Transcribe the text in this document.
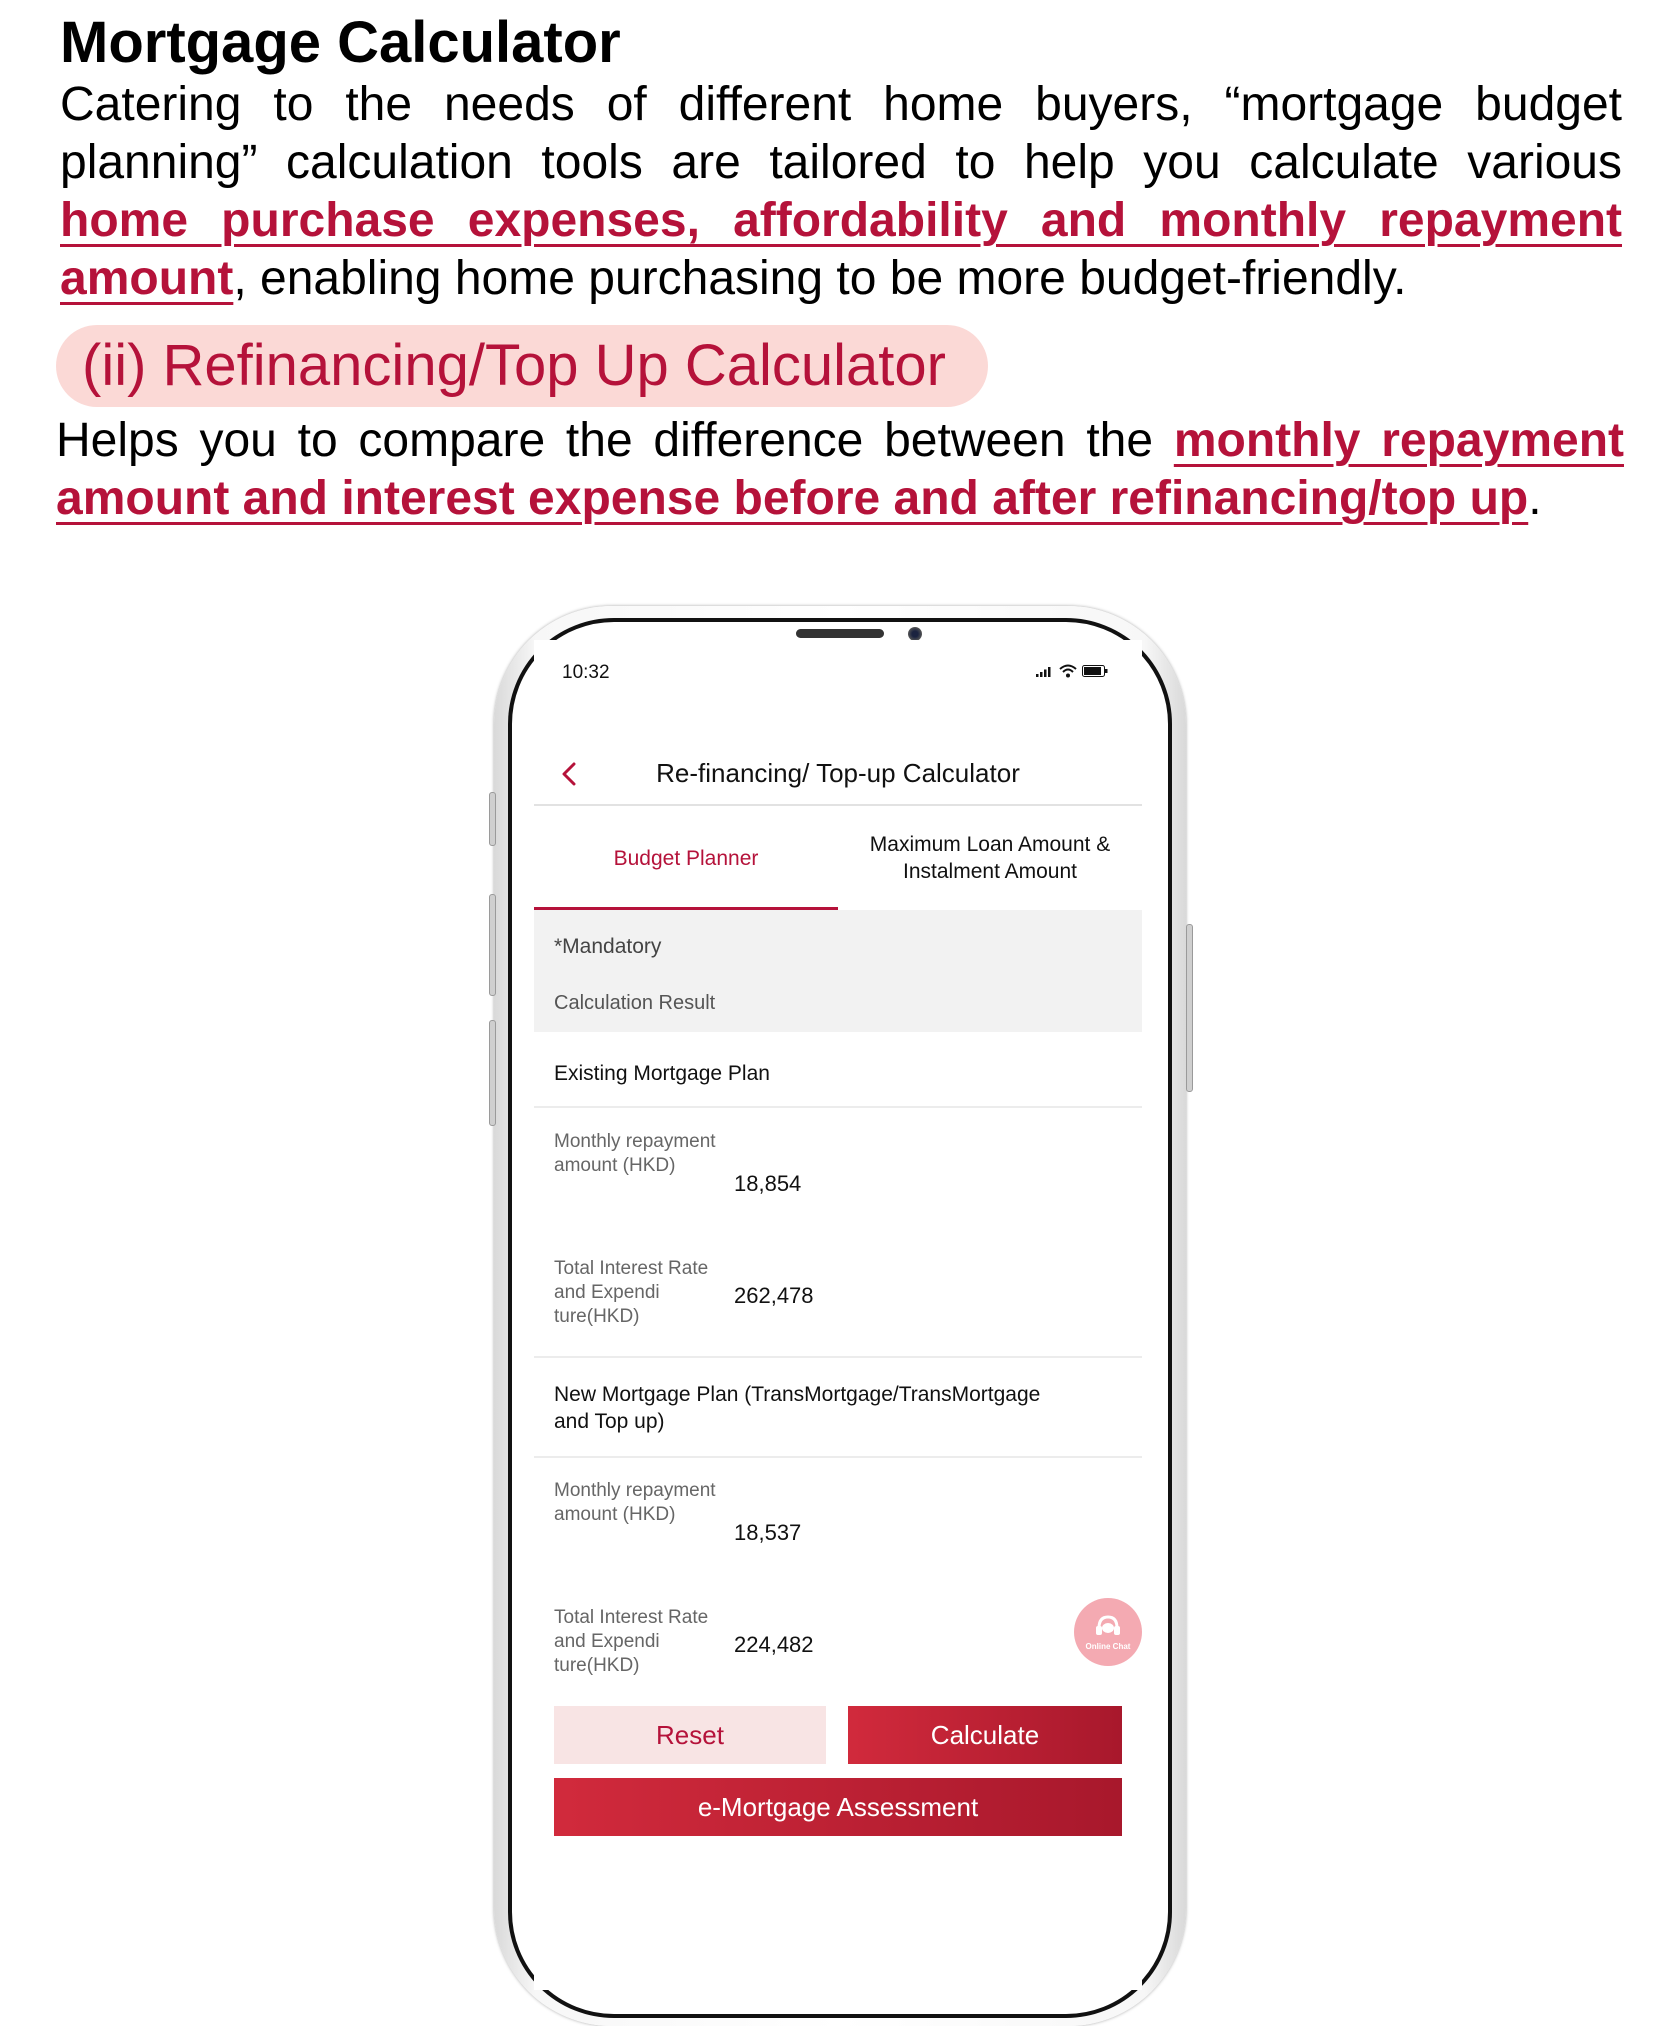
Mortgage Calculator
Catering to the needs of different home buyers, “mortgage budget planning” calculation tools are tailored to help you calculate various home purchase expenses, affordability and monthly repayment amount, enabling home purchasing to be more budget-friendly.
(ii) Refinancing/Top Up Calculator
Helps you to compare the difference between the monthly repayment amount and interest expense before and after refinancing/top up.
10:32
Re-financing/ Top-up Calculator
Budget Planner
Maximum Loan Amount & Instalment Amount
*Mandatory
Calculation Result
Existing Mortgage Plan
Monthly repayment amount (HKD)
18,854
Total Interest Rate and Expendi ture(HKD)
262,478
New Mortgage Plan (TransMortgage/TransMortgage and Top up)
Monthly repayment amount (HKD)
18,537
Total Interest Rate and Expendi ture(HKD)
224,482	Online Chat
Reset	Calculate
e-Mortgage Assessment
